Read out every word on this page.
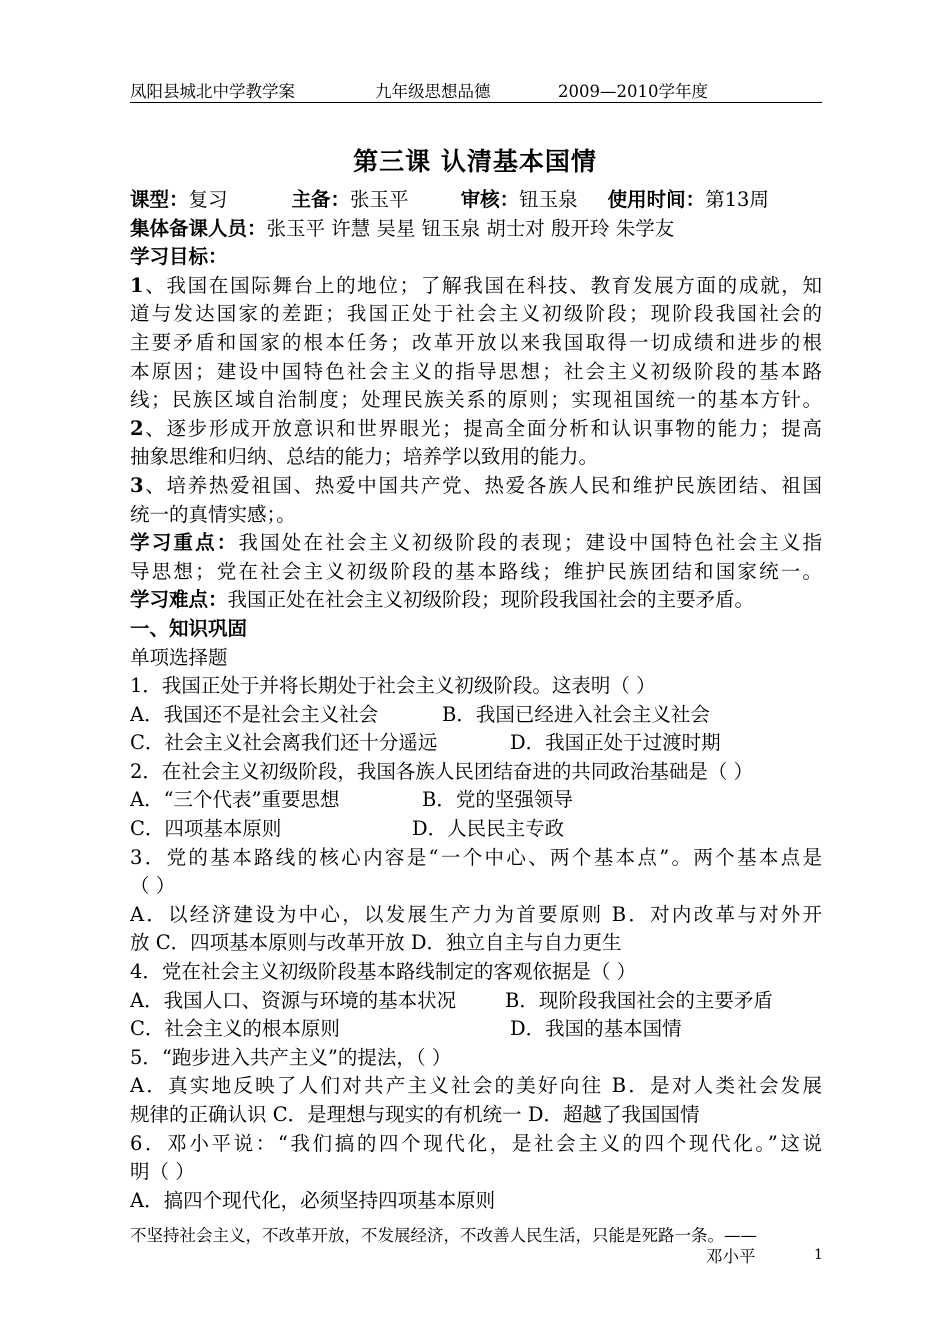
凤阳县城北中学教学案	九年级思想品德	2009—2010学年度
第三课 认清基本国情
课型：复习	主备：张玉平	审核：钮玉泉 使用时间：第13周
集体备课人员：张玉平 许慧 吴星 钮玉泉 胡士对 殷开玲 朱学友
学习目标：
1、我国在国际舞台上的地位；了解我国在科技、教育发展方面的成就，知
道与发达国家的差距；我国正处于社会主义初级阶段；现阶段我国社会的
主要矛盾和国家的根本任务；改革开放以来我国取得一切成绩和进步的根
本原因；建设中国特色社会主义的指导思想；社会主义初级阶段的基本路
线；民族区域自治制度；处理民族关系的原则；实现祖国统一的基本方针。
2、逐步形成开放意识和世界眼光；提高全面分析和认识事物的能力；提高
抽象思维和归纳、总结的能力；培养学以致用的能力。
3、培养热爱祖国、热爱中国共产党、热爱各族人民和维护民族团结、祖国
统一的真情实感；。
学习重点：我国处在社会主义初级阶段的表现；建设中国特色社会主义指
导思想；党在社会主义初级阶段的基本路线；维护民族团结和国家统一。
学习难点：我国正处在社会主义初级阶段；现阶段我国社会的主要矛盾。
一、知识巩固
单项选择题
1．我国正处于并将长期处于社会主义初级阶段。这表明（ ）
A．我国还不是社会主义社会	B．我国已经进入社会主义社会
C．社会主义社会离我们还十分遥远	D．我国正处于过渡时期
2．在社会主义初级阶段，我国各族人民团结奋进的共同政治基础是（ ）
A．“三个代表”重要思想	B．党的坚强领导
C．四项基本原则	D．人民民主专政
3．党的基本路线的核心内容是“一个中心、两个基本点”。两个基本点是
（ ）
A．以经济建设为中心，以发展生产力为首要原则 B．对内改革与对外开
放 C．四项基本原则与改革开放 D．独立自主与自力更生
4．党在社会主义初级阶段基本路线制定的客观依据是（ ）
A．我国人口、资源与环境的基本状况	B．现阶段我国社会的主要矛盾
C．社会主义的根本原则	D．我国的基本国情
5．“跑步进入共产主义”的提法，（ ）
A．真实地反映了人们对共产主义社会的美好向往 B．是对人类社会发展
规律的正确认识 C．是理想与现实的有机统一 D．超越了我国国情
6．邓小平说：“我们搞的四个现代化，是社会主义的四个现代化。”这说
明（ ）
A．搞四个现代化，必须坚持四项基本原则
不坚持社会主义，不改革开放，不发展经济，不改善人民生活，只能是死路一条。——
邓小平	1
